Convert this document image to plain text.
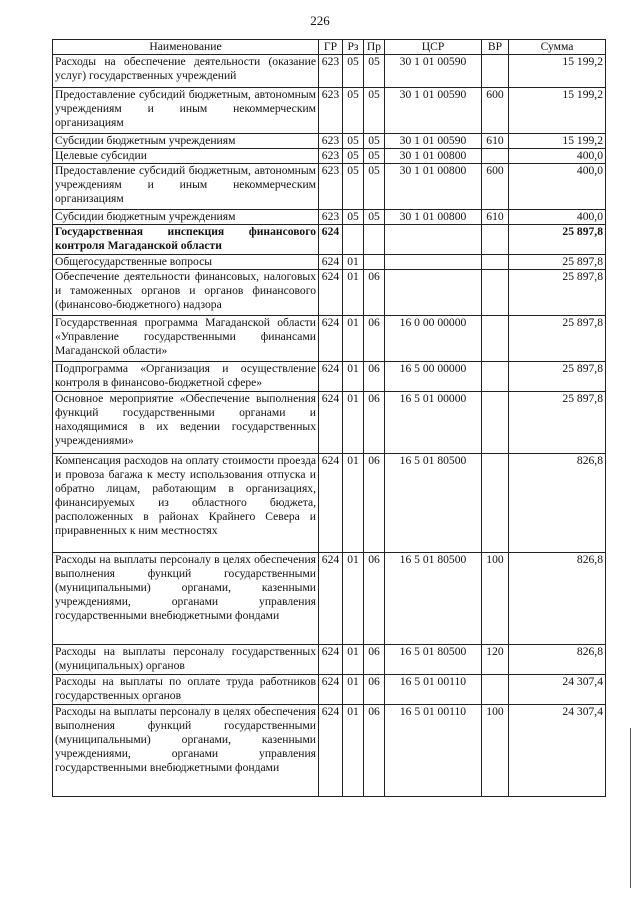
226
Наименование	ГР	Рз	Пр	ЦСР	ВР	Сумма
Расходы на обеспечение деятельности (оказание услуг) государственных учреждений	623	05	05	30 1 01 00590		15 199,2
Предоставление субсидий бюджетным, автономным учреждениям и иным некоммерческим организациям	623	05	05	30 1 01 00590	600	15 199,2
Субсидии бюджетным учреждениям	623	05	05	30 1 01 00590	610	15 199,2
Целевые субсидии	623	05	05	30 1 01 00800		400,0
Предоставление субсидий бюджетным, автономным учреждениям и иным некоммерческим организациям	623	05	05	30 1 01 00800	600	400,0
Субсидии бюджетным учреждениям	623	05	05	30 1 01 00800	610	400,0
Государственная инспекция финансового контроля Магаданской области	624					25 897,8
Общегосударственные вопросы	624	01				25 897,8
Обеспечение деятельности финансовых, налоговых и таможенных органов и органов финансового (финансово-бюджетного) надзора	624	01	06			25 897,8
Государственная программа Магаданской области «Управление государственными финансами Магаданской области»	624	01	06	16 0 00 00000		25 897,8
Подпрограмма «Организация и осуществление контроля в финансово-бюджетной сфере»	624	01	06	16 5 00 00000		25 897,8
Основное мероприятие «Обеспечение выполнения функций государственными органами и находящимися в их ведении государственных учреждениями»	624	01	06	16 5 01 00000		25 897,8
Компенсация расходов на оплату стоимости проезда и провоза багажа к месту использования отпуска и обратно лицам, работающим в организациях, финансируемых из областного бюджета, расположенных в районах Крайнего Севера и приравненных к ним местностях	624	01	06	16 5 01 80500		826,8
Расходы на выплаты персоналу в целях обеспечения выполнения функций государственными (муниципальными) органами, казенными учреждениями, органами управления государственными внебюджетными фондами	624	01	06	16 5 01 80500	100	826,8
Расходы на выплаты персоналу государственных (муниципальных) органов	624	01	06	16 5 01 80500	120	826,8
Расходы на выплаты по оплате труда работников государственных органов	624	01	06	16 5 01 00110		24 307,4
Расходы на выплаты персоналу в целях обеспечения выполнения функций государственными (муниципальными) органами, казенными учреждениями, органами управления государственными внебюджетными фондами	624	01	06	16 5 01 00110	100	24 307,4
